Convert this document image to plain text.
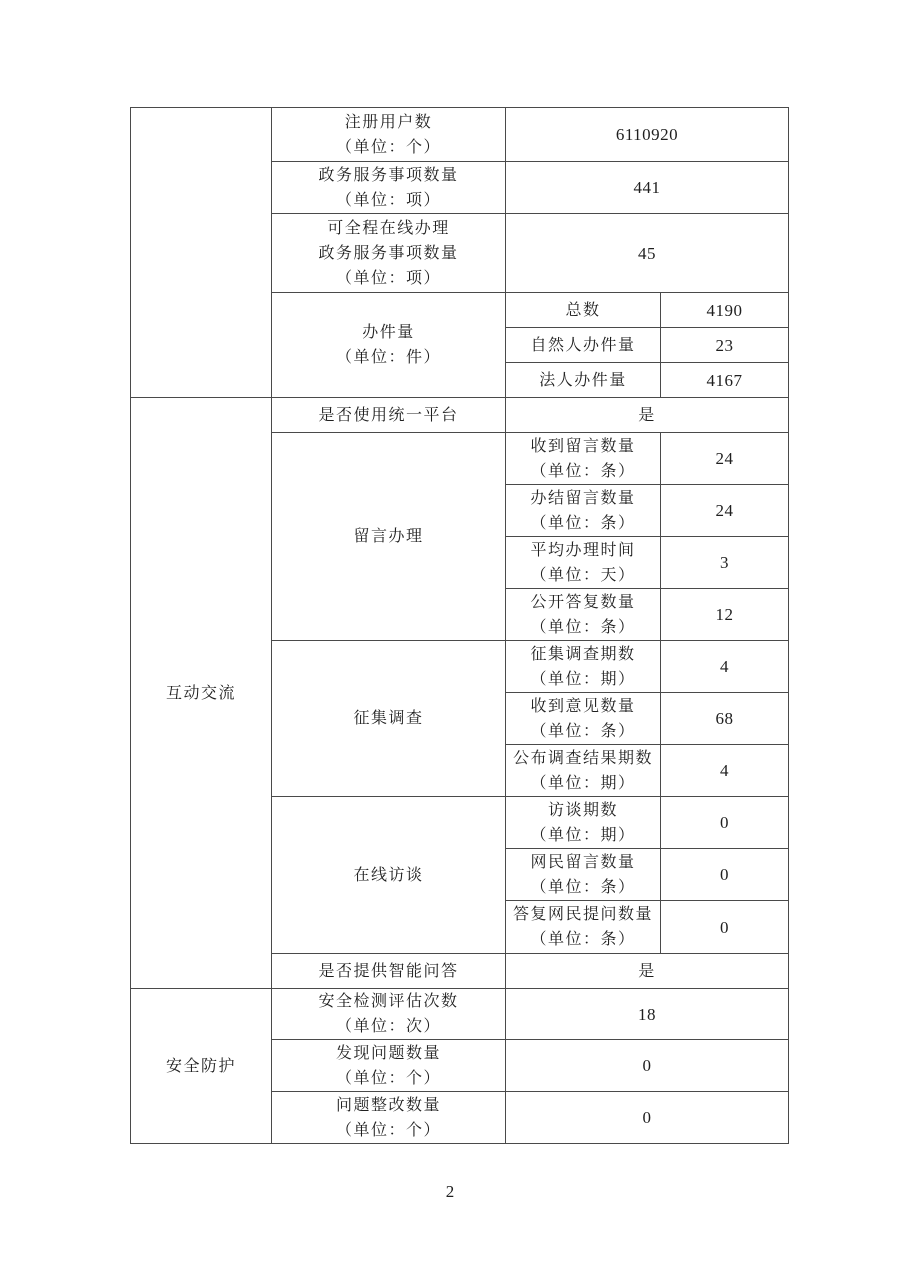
	注册用户数
（单位：个）	6110920	

	政务服务事项数量
（单位：项）	441	

	可全程在线办理
政务服务事项数量
（单位：项）	45	

	办件量
（单位：件）	总数	4190
		自然人办件量	23
		法人办件量	4167
互动交流	是否使用统一平台	是	
	留言办理	收到留言数量
（单位：条）	24

		办结留言数量
（单位：条）	24

		平均办理时间
（单位：天）	3

		公开答复数量
（单位：条）	12
	征集调查	征集调查期数
（单位：期）	4

		收到意见数量
（单位：条）	68

		公布调查结果期数
（单位：期）	4
	在线访谈	访谈期数
（单位：期）	0

		网民留言数量
（单位：条）	0

		答复网民提问数量
（单位：条）	0
	是否提供智能问答	是	
安全防护	安全检测评估次数
（单位：次）	18	

	发现问题数量
（单位：个）	0	

	问题整改数量
（单位：个）	0	
2
